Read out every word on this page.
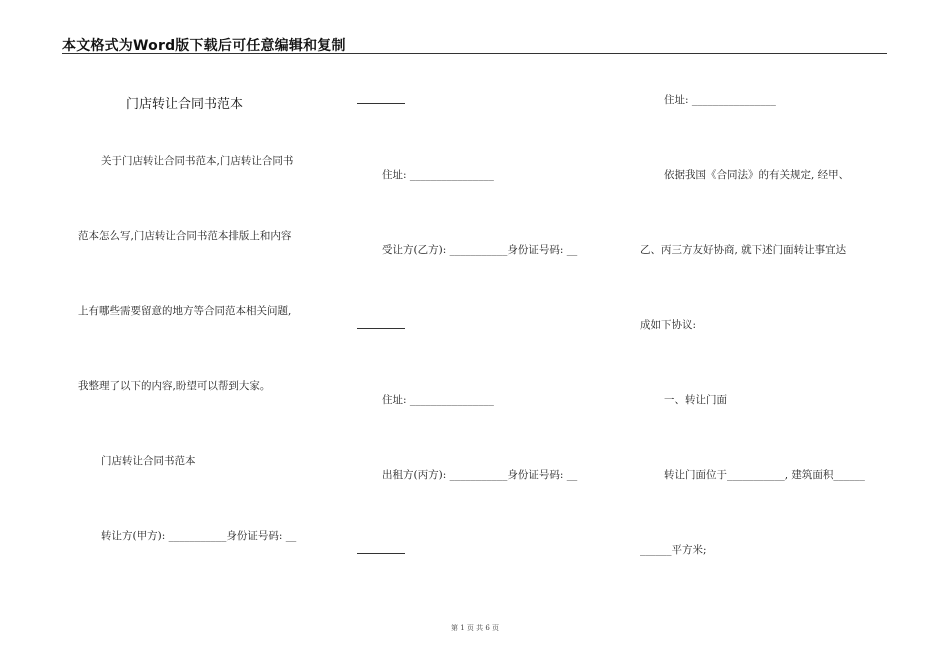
本文格式为Word版下载后可任意编辑和复制
门店转让合同书范本
关于门店转让合同书范本,门店转让合同书
范本怎么写,门店转让合同书范本排版上和内容
上有哪些需要留意的地方等合同范本相关问题,
我整理了以下的内容,盼望可以帮到大家。
门店转让合同书范本
转让方(甲方): ___________身份证号码: __
住址: ________________
受让方(乙方): ___________身份证号码: __
住址: ________________
出租方(丙方): ___________身份证号码: __
住址: ________________
依据我国《合同法》的有关规定, 经甲、
乙、丙三方友好协商, 就下述门面转让事宜达
成如下协议:
一、转让门面
转让门面位于___________, 建筑面积______
______平方米;
第 1 页 共 6 页
